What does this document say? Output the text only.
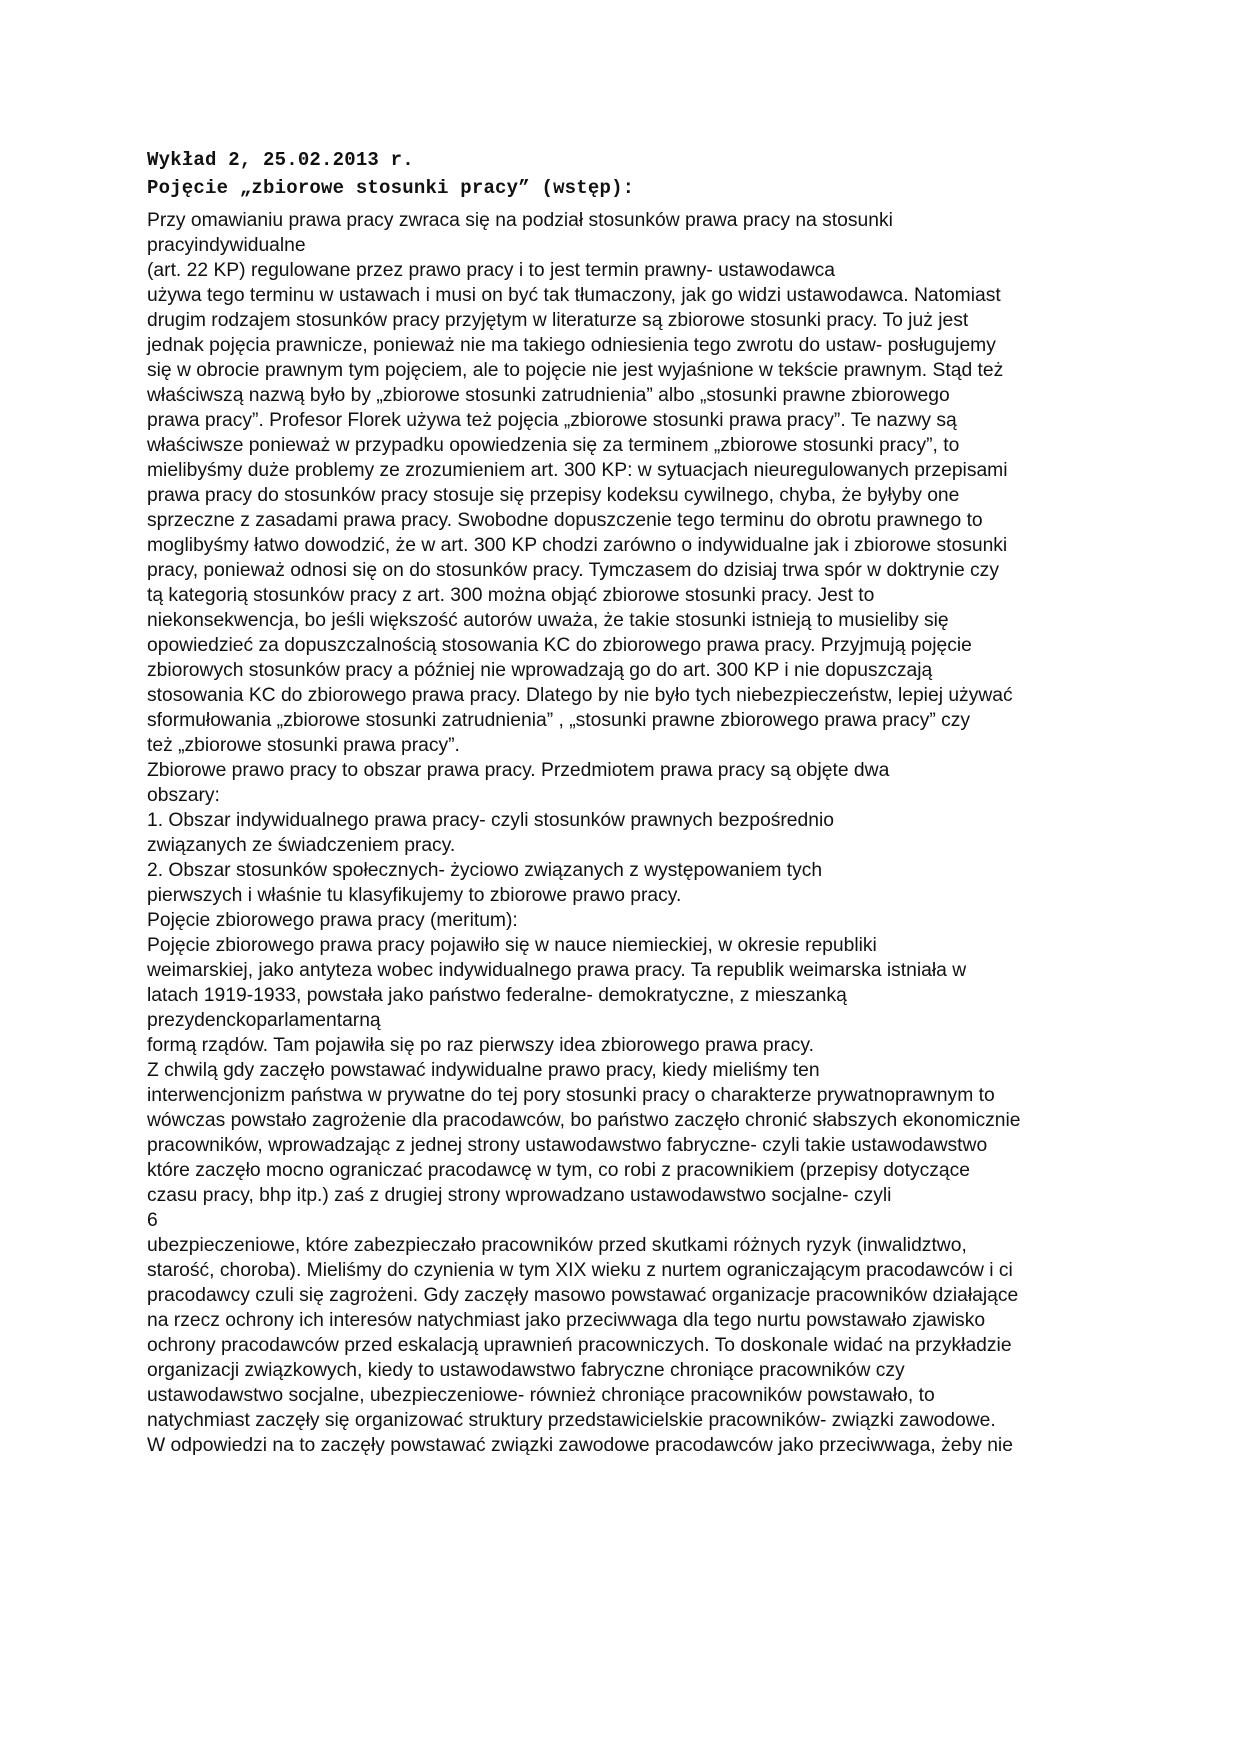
Wykład 2, 25.02.2013 r.

Pojęcie „zbiorowe stosunki pracy” (wstęp):

Przy omawianiu prawa pracy zwraca się na podział stosunków prawa pracy na stosunki

pracyindywidualne

(art. 22 KP) regulowane przez prawo pracy i to jest termin prawny- ustawodawca

używa tego terminu w ustawach i musi on być tak tłumaczony, jak go widzi ustawodawca. Natomiast

drugim rodzajem stosunków pracy przyjętym w literaturze są zbiorowe stosunki pracy. To już jest

jednak pojęcia prawnicze, ponieważ nie ma takiego odniesienia tego zwrotu do ustaw- posługujemy

się w obrocie prawnym tym pojęciem, ale to pojęcie nie jest wyjaśnione w tekście prawnym. Stąd też

właściwszą nazwą było by „zbiorowe stosunki zatrudnienia” albo „stosunki prawne zbiorowego

prawa pracy”. Profesor Florek używa też pojęcia „zbiorowe stosunki prawa pracy”. Te nazwy są

właściwsze ponieważ w przypadku opowiedzenia się za terminem „zbiorowe stosunki pracy”, to

mielibyśmy duże problemy ze zrozumieniem art. 300 KP: w sytuacjach nieuregulowanych przepisami

prawa pracy do stosunków pracy stosuje się przepisy kodeksu cywilnego, chyba, że byłyby one

sprzeczne z zasadami prawa pracy. Swobodne dopuszczenie tego terminu do obrotu prawnego to

moglibyśmy łatwo dowodzić, że w art. 300 KP chodzi zarówno o indywidualne jak i zbiorowe stosunki

pracy, ponieważ odnosi się on do stosunków pracy. Tymczasem do dzisiaj trwa spór w doktrynie czy

tą kategorią stosunków pracy z art. 300 można objąć zbiorowe stosunki pracy. Jest to

niekonsekwencja, bo jeśli większość autorów uważa, że takie stosunki istnieją to musieliby się

opowiedzieć za dopuszczalnością stosowania KC do zbiorowego prawa pracy. Przyjmują pojęcie

zbiorowych stosunków pracy a później nie wprowadzają go do art. 300 KP i nie dopuszczają

stosowania KC do zbiorowego prawa pracy. Dlatego by nie było tych niebezpieczeństw, lepiej używać

sformułowania „zbiorowe stosunki zatrudnienia” , „stosunki prawne zbiorowego prawa pracy” czy

też „zbiorowe stosunki prawa pracy”.

Zbiorowe prawo pracy to obszar prawa pracy. Przedmiotem prawa pracy są objęte dwa

obszary:

1. Obszar indywidualnego prawa pracy- czyli stosunków prawnych bezpośrednio

związanych ze świadczeniem pracy.

2. Obszar stosunków społecznych- życiowo związanych z występowaniem tych

pierwszych i właśnie tu klasyfikujemy to zbiorowe prawo pracy.

Pojęcie zbiorowego prawa pracy (meritum):

Pojęcie zbiorowego prawa pracy pojawiło się w nauce niemieckiej, w okresie republiki

weimarskiej, jako antyteza wobec indywidualnego prawa pracy. Ta republik weimarska istniała w

latach 1919-1933, powstała jako państwo federalne- demokratyczne, z mieszanką

prezydenckoparlamentarną

formą rządów. Tam pojawiła się po raz pierwszy idea zbiorowego prawa pracy.

Z chwilą gdy zaczęło powstawać indywidualne prawo pracy, kiedy mieliśmy ten

interwencjonizm państwa w prywatne do tej pory stosunki pracy o charakterze prywatnoprawnym to

wówczas powstało zagrożenie dla pracodawców, bo państwo zaczęło chronić słabszych ekonomicznie

pracowników, wprowadzając z jednej strony ustawodawstwo fabryczne- czyli takie ustawodawstwo

które zaczęło mocno ograniczać pracodawcę w tym, co robi z pracownikiem (przepisy dotyczące

czasu pracy, bhp itp.) zaś z drugiej strony wprowadzano ustawodawstwo socjalne- czyli

6

ubezpieczeniowe, które zabezpieczało pracowników przed skutkami różnych ryzyk (inwalidztwo,

starość, choroba). Mieliśmy do czynienia w tym XIX wieku z nurtem ograniczającym pracodawców i ci

pracodawcy czuli się zagrożeni. Gdy zaczęły masowo powstawać organizacje pracowników działające

na rzecz ochrony ich interesów natychmiast jako przeciwwaga dla tego nurtu powstawało zjawisko

ochrony pracodawców przed eskalacją uprawnień pracowniczych. To doskonale widać na przykładzie

organizacji związkowych, kiedy to ustawodawstwo fabryczne chroniące pracowników czy

ustawodawstwo socjalne, ubezpieczeniowe- również chroniące pracowników powstawało, to

natychmiast zaczęły się organizować struktury przedstawicielskie pracowników- związki zawodowe.

W odpowiedzi na to zaczęły powstawać związki zawodowe pracodawców jako przeciwwaga, żeby nie
